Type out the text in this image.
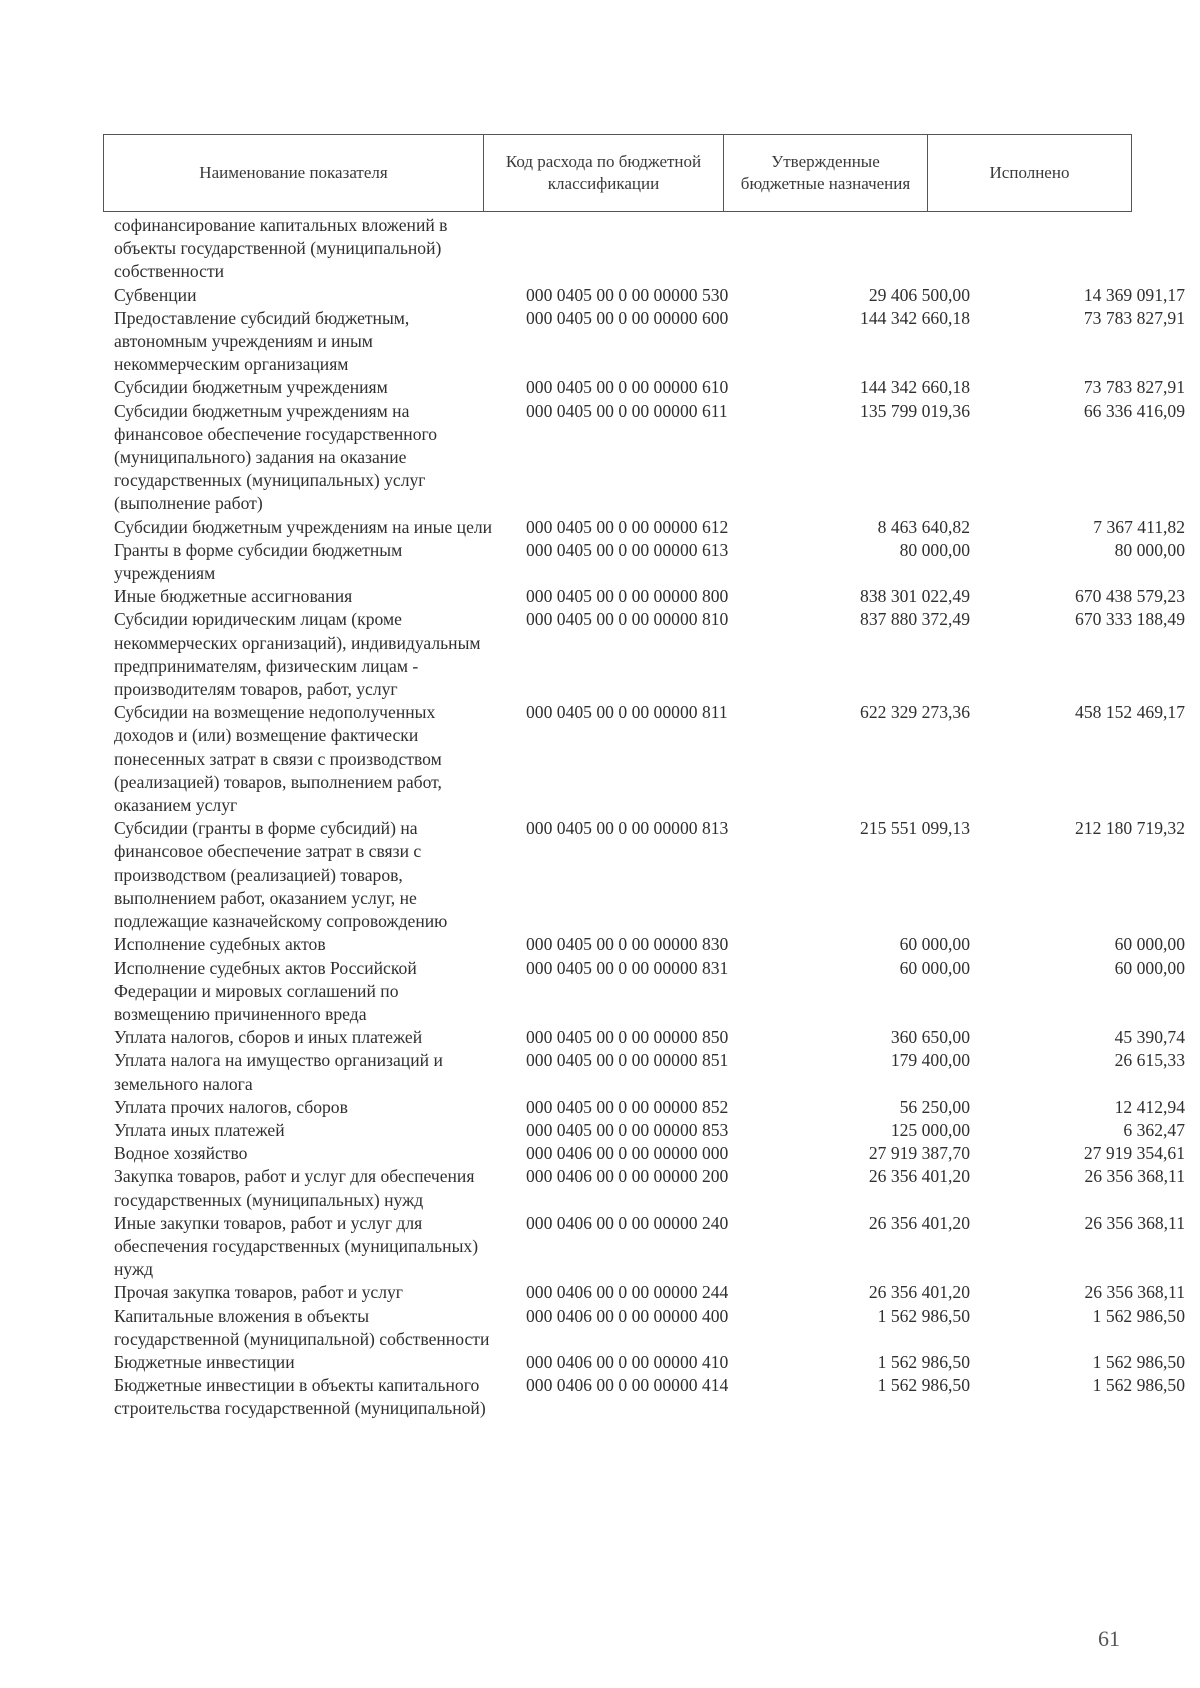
Наименование показателя	Код расхода по бюджетной классификации	Утвержденные бюджетные назначения	Исполнено
софинансирование капитальных вложений в объекты государственной (муниципальной) собственности			
Субвенции	000 0405 00 0 00 00000 530	29 406 500,00	14 369 091,17
Предоставление субсидий бюджетным, автономным учреждениям и иным некоммерческим организациям	000 0405 00 0 00 00000 600	144 342 660,18	73 783 827,91
Субсидии бюджетным учреждениям	000 0405 00 0 00 00000 610	144 342 660,18	73 783 827,91
Субсидии бюджетным учреждениям на финансовое обеспечение государственного (муниципального) задания на оказание государственных (муниципальных) услуг (выполнение работ)	000 0405 00 0 00 00000 611	135 799 019,36	66 336 416,09
Субсидии бюджетным учреждениям на иные цели	000 0405 00 0 00 00000 612	8 463 640,82	7 367 411,82
Гранты в форме субсидии бюджетным учреждениям	000 0405 00 0 00 00000 613	80 000,00	80 000,00
Иные бюджетные ассигнования	000 0405 00 0 00 00000 800	838 301 022,49	670 438 579,23
Субсидии юридическим лицам (кроме некоммерческих организаций), индивидуальным предпринимателям, физическим лицам - производителям товаров, работ, услуг	000 0405 00 0 00 00000 810	837 880 372,49	670 333 188,49
Субсидии на возмещение недополученных доходов и (или) возмещение фактически понесенных затрат в связи с производством (реализацией) товаров, выполнением работ, оказанием услуг	000 0405 00 0 00 00000 811	622 329 273,36	458 152 469,17
Субсидии (гранты в форме субсидий) на финансовое обеспечение затрат в связи с производством (реализацией) товаров, выполнением работ, оказанием услуг, не подлежащие казначейскому сопровождению	000 0405 00 0 00 00000 813	215 551 099,13	212 180 719,32
Исполнение судебных актов	000 0405 00 0 00 00000 830	60 000,00	60 000,00
Исполнение судебных актов Российской Федерации и мировых соглашений по возмещению причиненного вреда	000 0405 00 0 00 00000 831	60 000,00	60 000,00
Уплата налогов, сборов и иных платежей	000 0405 00 0 00 00000 850	360 650,00	45 390,74
Уплата налога на имущество организаций и земельного налога	000 0405 00 0 00 00000 851	179 400,00	26 615,33
Уплата прочих налогов, сборов	000 0405 00 0 00 00000 852	56 250,00	12 412,94
Уплата иных платежей	000 0405 00 0 00 00000 853	125 000,00	6 362,47
Водное хозяйство	000 0406 00 0 00 00000 000	27 919 387,70	27 919 354,61
Закупка товаров, работ и услуг для обеспечения государственных (муниципальных) нужд	000 0406 00 0 00 00000 200	26 356 401,20	26 356 368,11
Иные закупки товаров, работ и услуг для обеспечения государственных (муниципальных) нужд	000 0406 00 0 00 00000 240	26 356 401,20	26 356 368,11
Прочая закупка товаров, работ и услуг	000 0406 00 0 00 00000 244	26 356 401,20	26 356 368,11
Капитальные вложения в объекты государственной (муниципальной) собственности	000 0406 00 0 00 00000 400	1 562 986,50	1 562 986,50
Бюджетные инвестиции	000 0406 00 0 00 00000 410	1 562 986,50	1 562 986,50
Бюджетные инвестиции в объекты капитального строительства государственной (муниципальной)	000 0406 00 0 00 00000 414	1 562 986,50	1 562 986,50
61
